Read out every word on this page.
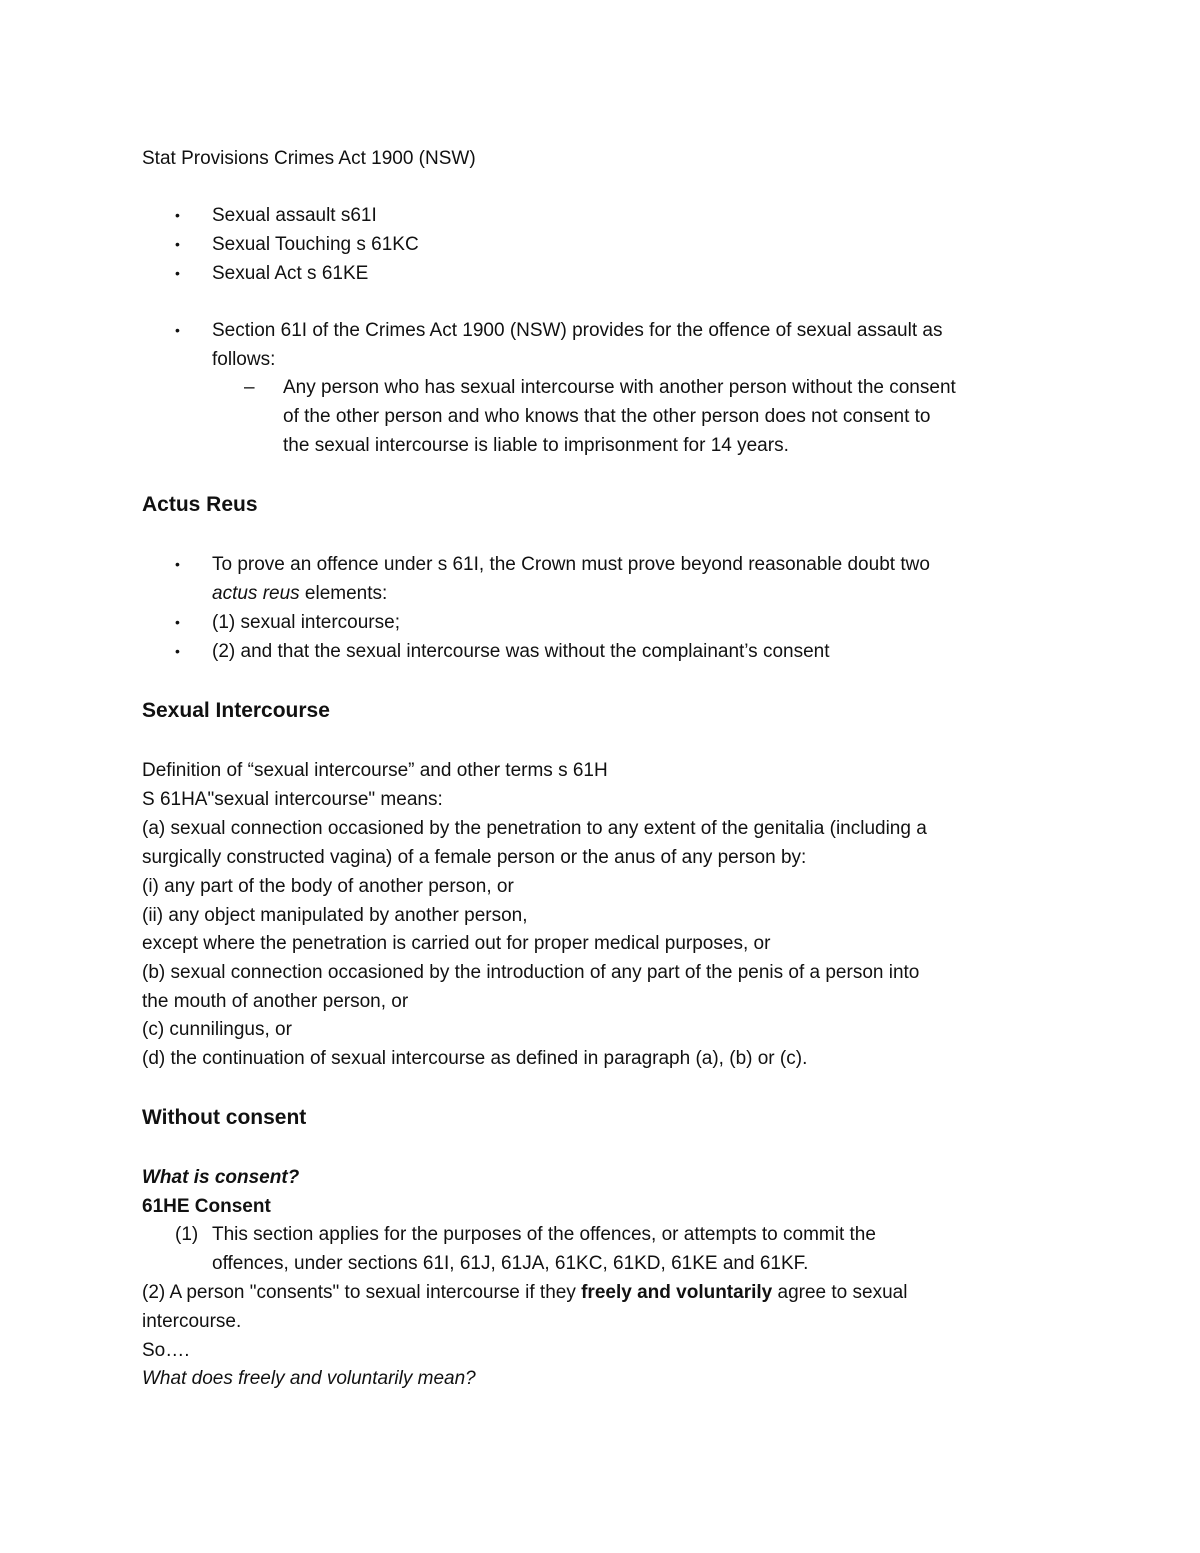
Stat Provisions Crimes Act 1900 (NSW)
• Sexual assault s61I
• Sexual Touching s 61KC
• Sexual Act s 61KE
• Section 61I of the Crimes Act 1900 (NSW) provides for the offence of sexual assault as
follows:
– Any person who has sexual intercourse with another person without the consent
of the other person and who knows that the other person does not consent to
the sexual intercourse is liable to imprisonment for 14 years.
Actus Reus
• To prove an offence under s 61I, the Crown must prove beyond reasonable doubt two
actus reus elements:
• (1) sexual intercourse;
• (2) and that the sexual intercourse was without the complainant’s consent
Sexual Intercourse
Definition of “sexual intercourse” and other terms s 61H
S 61HA"sexual intercourse" means:
(a) sexual connection occasioned by the penetration to any extent of the genitalia (including a
surgically constructed vagina) of a female person or the anus of any person by:
(i) any part of the body of another person, or
(ii) any object manipulated by another person,
except where the penetration is carried out for proper medical purposes, or
(b) sexual connection occasioned by the introduction of any part of the penis of a person into
the mouth of another person, or
(c) cunnilingus, or
(d) the continuation of sexual intercourse as defined in paragraph (a), (b) or (c).
Without consent
What is consent?
61HE Consent
(1) This section applies for the purposes of the offences, or attempts to commit the
offences, under sections 61I, 61J, 61JA, 61KC, 61KD, 61KE and 61KF.
(2) A person "consents" to sexual intercourse if they freely and voluntarily agree to sexual
intercourse.
So….
What does freely and voluntarily mean?
